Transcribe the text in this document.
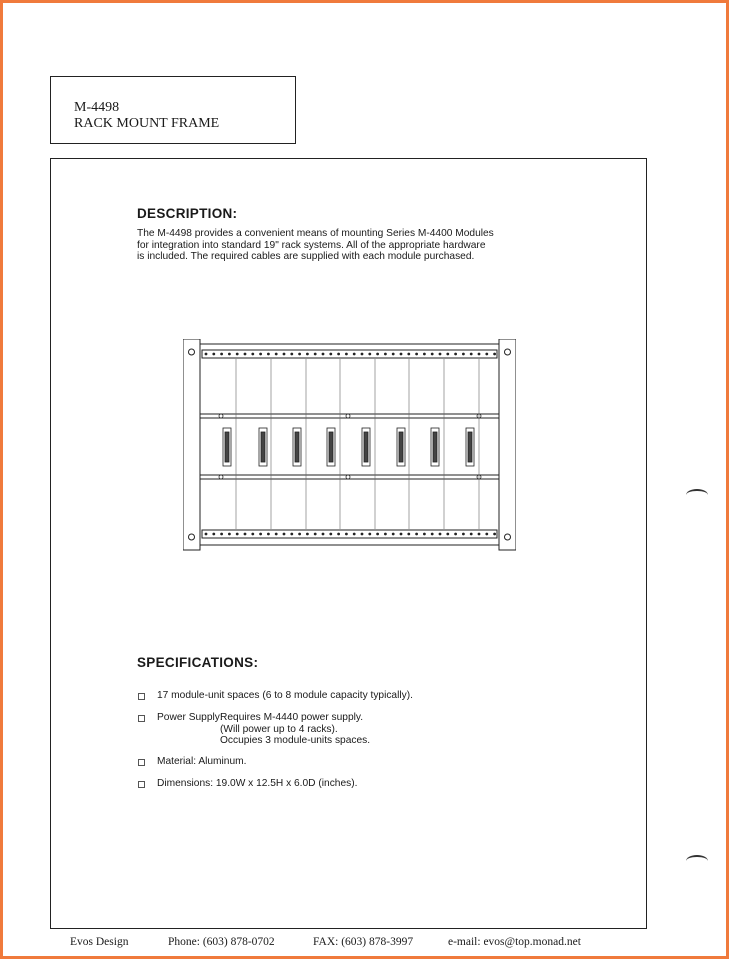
M-4498
RACK MOUNT FRAME
DESCRIPTION:
The M-4498 provides a convenient means of mounting Series M-4400 Modules
for integration into standard 19" rack systems. All of the appropriate hardware
is included. The required cables are supplied with each module purchased.
SPECIFICATIONS:
17 module-unit spaces (6 to 8 module capacity typically).
Power Supply:
Requires M-4440 power supply.
(Will power up to 4 racks).
Occupies 3 module-units spaces.
Material: Aluminum.
Dimensions: 19.0W x 12.5H x 6.0D (inches).
Evos Design	Phone: (603) 878-0702	FAX: (603) 878-3997	e-mail: evos@top.monad.net
